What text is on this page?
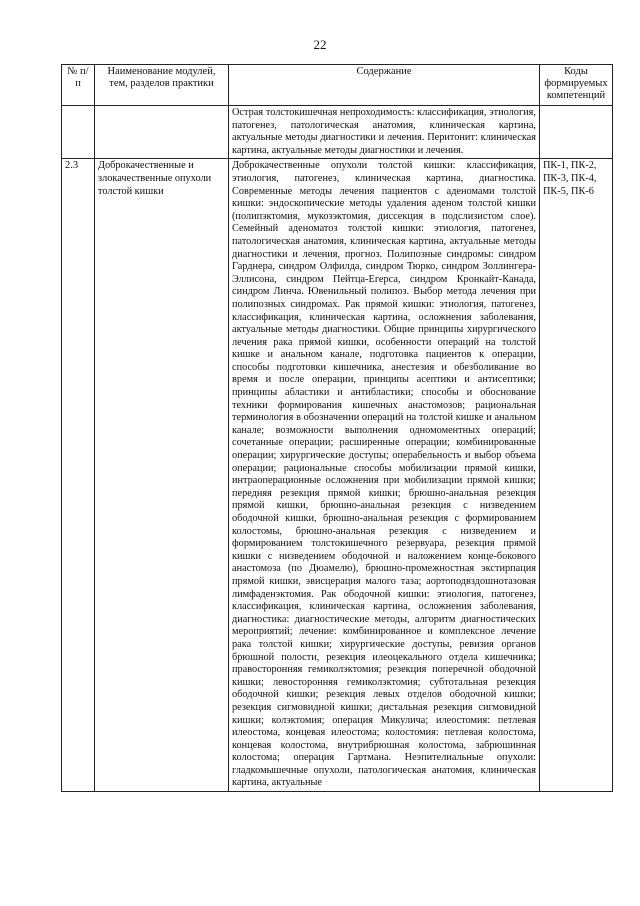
22
№ п/п	Наименование модулей, тем, разделов практики	Содержание	Коды формируемых компетенций
		Острая толстокишечная непроходимость: классификация, этиология, патогенез, патологическая анатомия, клиническая картина, актуальные методы диагностики и лечения. Перитонит: клиническая картина, актуальные методы диагностики и лечения.	
2.3	Доброкачественные и злокачественные опухоли толстой кишки	Доброкачественные опухоли толстой кишки: классификация, этиология, патогенез, клиническая картина, диагностика. Современные методы лечения пациентов с аденомами толстой кишки: эндоскопические методы удаления аденом толстой кишки (полипэктомия, мукозэктомия, диссекция в подслизистом слое). Семейный аденоматоз толстой кишки: этиология, патогенез, патологическая анатомия, клиническая картина, актуальные методы диагностики и лечения, прогноз. Полипозные синдромы: синдром Гарднера, синдром Олфилда, синдром Тюрко, синдром Золлингера-Эллисона, синдром Пейтца-Егерса, синдром Кронкайт-Канада, синдром Линча. Ювенильный полипоз. Выбор метода лечения при полипозных синдромах. Рак прямой кишки: этиология, патогенез, классификация, клиническая картина, осложнения заболевания, актуальные методы диагностики. Общие принципы хирургического лечения рака прямой кишки, особенности операций на толстой кишке и анальном канале, подготовка пациентов к операции, способы подготовки кишечника, анестезия и обезболивание во время и после операции, принципы асептики и антисептики; принципы абластики и антибластики; способы и обоснование техники формирования кишечных анастомозов; рациональная терминология в обозначении операций на толстой кишке и анальном канале; возможности выполнения одномоментных операций; сочетанные операции; расширенные операции; комбинированные операции; хирургические доступы; операбельность и выбор объема операции; рациональные способы мобилизации прямой кишки, интраоперационные осложнения при мобилизации прямой кишки; передняя резекция прямой кишки; брюшно-анальная резекция прямой кишки, брюшно-анальная резекция с низведением ободочной кишки, брюшно-анальная резекция с формированием колостомы, брюшно-анальная резекция с низведением и формированием толстокишечного резервуара, резекция прямой кишки с низведением ободочной и наложением конце-бокового анастомоза (по Дюамелю), брюшно-промежностная экстирпация прямой кишки, эвисцерация малого таза; аортоподвздошнотазовая лимфаденэктомия. Рак ободочной кишки: этиология, патогенез, классификация, клиническая картина, осложнения заболевания, диагностика: диагностические методы, алгоритм диагностических мероприятий; лечение: комбинированное и комплексное лечение рака толстой кишки; хирургические доступы, ревизия органов брюшной полости, резекция илеоцекального отдела кишечника; правосторонняя гемиколэктомия; резекция поперечной ободочной кишки; левосторонняя гемиколэктомия; субтотальная резекция ободочной кишки; резекция левых отделов ободочной кишки; резекция сигмовидной кишки; дистальная резекция сигмовидной кишки; колэктомия; операция Микулича; илеостомия: петлевая илеостома, концевая илеостома; колостомия: петлевая колостома, концевая колостома, внутрибрюшная колостома, забрюшинная колостома; операция Гартмана. Неэпителиальные опухоли: гладкомышечные опухоли, патологическая анатомия, клиническая картина, актуальные	ПК-1, ПК-2, ПК-3, ПК-4, ПК-5, ПК-6
